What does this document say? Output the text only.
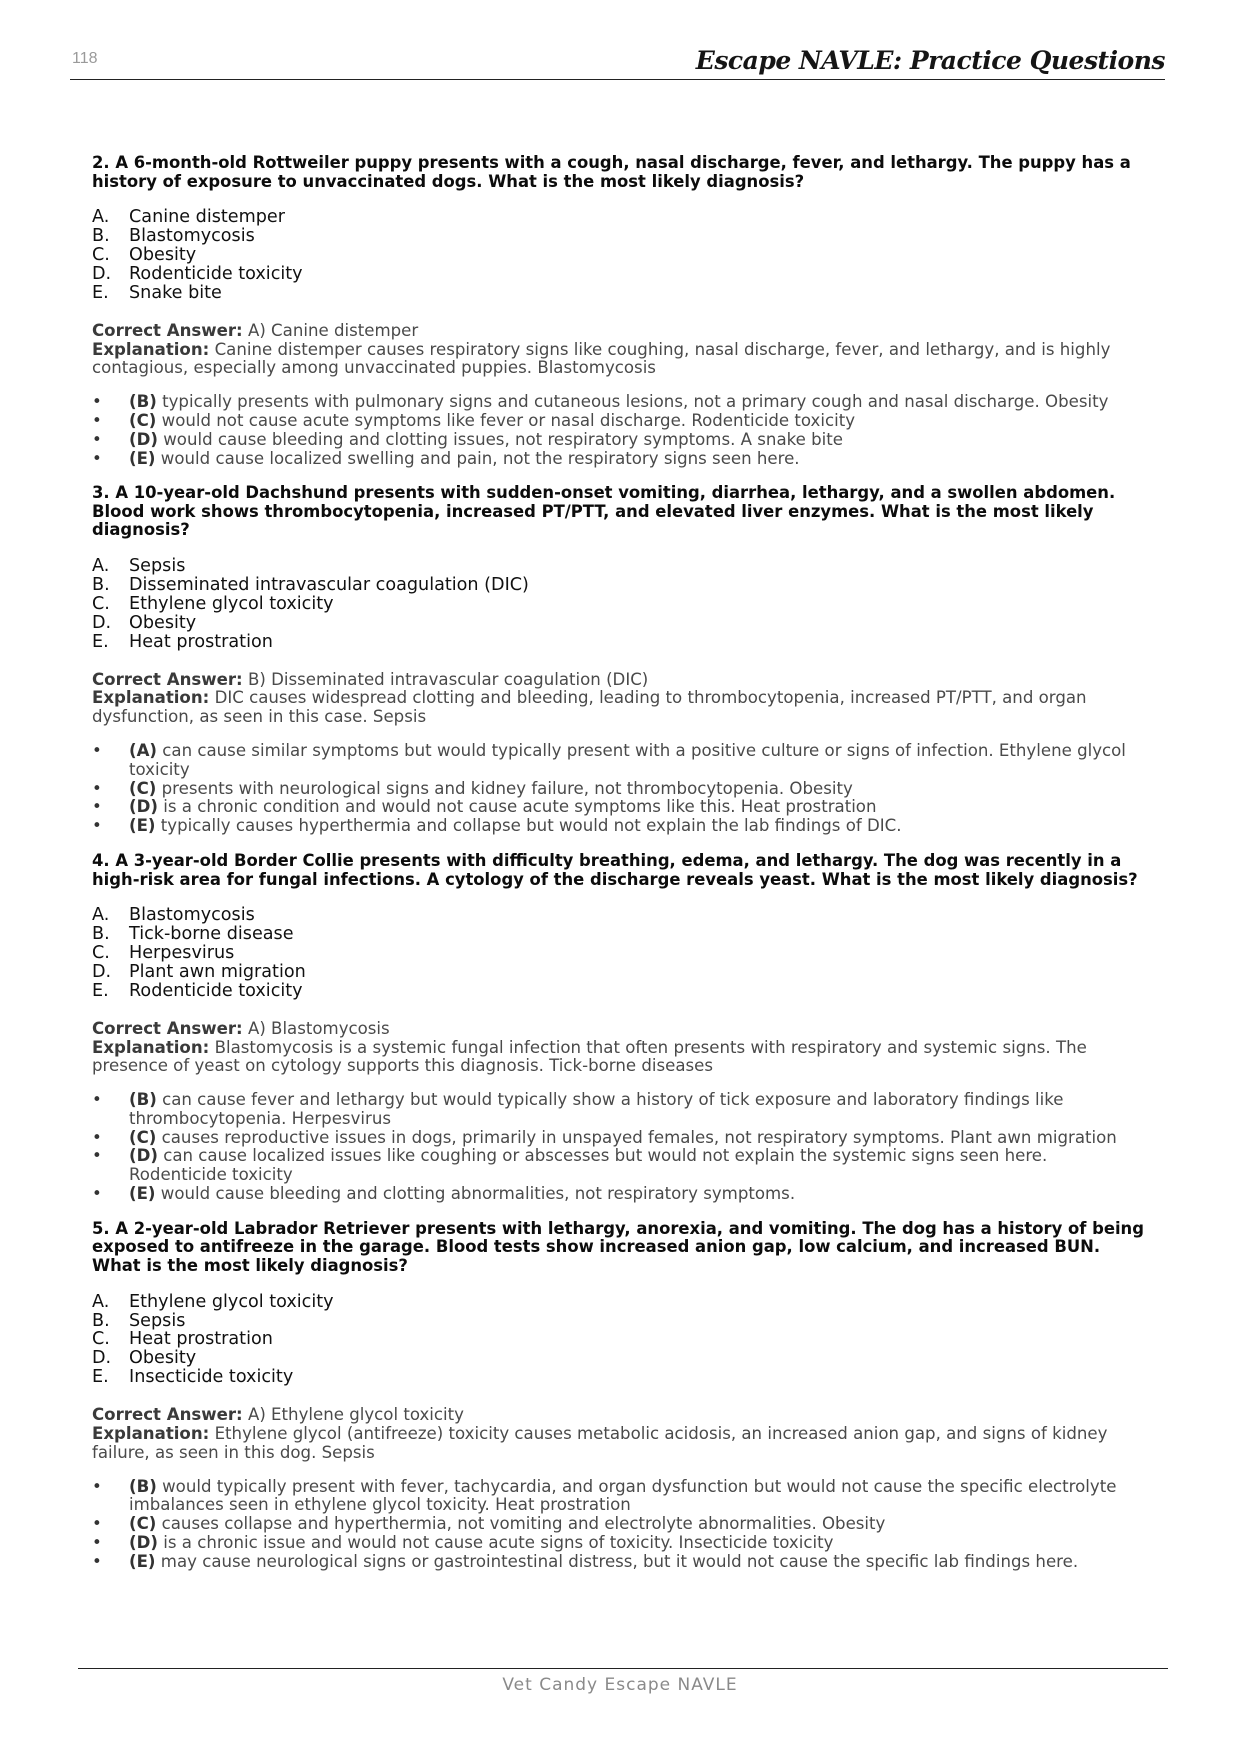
118	Escape NAVLE: Practice Questions

2. A 6-month-old Rottweiler puppy presents with a cough, nasal discharge, fever, and lethargy. The puppy has a history of exposure to unvaccinated dogs. What is the most likely diagnosis?

A.	Canine distemper
B.	Blastomycosis
C.	Obesity
D.	Rodenticide toxicity
E.	Snake bite

Correct Answer: A) Canine distemper

Explanation: Canine distemper causes respiratory signs like coughing, nasal discharge, fever, and lethargy, and is highly contagious, especially among unvaccinated puppies. Blastomycosis

•	(B) typically presents with pulmonary signs and cutaneous lesions, not a primary cough and nasal discharge. Obesity
•	(C) would not cause acute symptoms like fever or nasal discharge. Rodenticide toxicity
•	(D) would cause bleeding and clotting issues, not respiratory symptoms. A snake bite
•	(E) would cause localized swelling and pain, not the respiratory signs seen here.

3. A 10-year-old Dachshund presents with sudden-onset vomiting, diarrhea, lethargy, and a swollen abdomen. Blood work shows thrombocytopenia, increased PT/PTT, and elevated liver enzymes. What is the most likely diagnosis?

A.	Sepsis
B.	Disseminated intravascular coagulation (DIC)
C.	Ethylene glycol toxicity
D.	Obesity
E.	Heat prostration

Correct Answer: B) Disseminated intravascular coagulation (DIC)

Explanation: DIC causes widespread clotting and bleeding, leading to thrombocytopenia, increased PT/PTT, and organ dysfunction, as seen in this case. Sepsis

•	(A) can cause similar symptoms but would typically present with a positive culture or signs of infection. Ethylene glycol toxicity
•	(C) presents with neurological signs and kidney failure, not thrombocytopenia. Obesity
•	(D) is a chronic condition and would not cause acute symptoms like this. Heat prostration
•	(E) typically causes hyperthermia and collapse but would not explain the lab findings of DIC.

4. A 3-year-old Border Collie presents with difficulty breathing, edema, and lethargy. The dog was recently in a high-risk area for fungal infections. A cytology of the discharge reveals yeast. What is the most likely diagnosis?

A.	Blastomycosis
B.	Tick-borne disease
C.	Herpesvirus
D.	Plant awn migration
E.	Rodenticide toxicity

Correct Answer: A) Blastomycosis

Explanation: Blastomycosis is a systemic fungal infection that often presents with respiratory and systemic signs. The presence of yeast on cytology supports this diagnosis. Tick-borne diseases

•	(B) can cause fever and lethargy but would typically show a history of tick exposure and laboratory findings like thrombocytopenia. Herpesvirus
•	(C) causes reproductive issues in dogs, primarily in unspayed females, not respiratory symptoms. Plant awn migration
•	(D) can cause localized issues like coughing or abscesses but would not explain the systemic signs seen here. Rodenticide toxicity
•	(E) would cause bleeding and clotting abnormalities, not respiratory symptoms.

5. A 2-year-old Labrador Retriever presents with lethargy, anorexia, and vomiting. The dog has a history of being exposed to antifreeze in the garage. Blood tests show increased anion gap, low calcium, and increased BUN. What is the most likely diagnosis?

A.	Ethylene glycol toxicity
B.	Sepsis
C.	Heat prostration
D.	Obesity
E.	Insecticide toxicity

Correct Answer: A) Ethylene glycol toxicity

Explanation: Ethylene glycol (antifreeze) toxicity causes metabolic acidosis, an increased anion gap, and signs of kidney failure, as seen in this dog. Sepsis

•	(B) would typically present with fever, tachycardia, and organ dysfunction but would not cause the specific electrolyte imbalances seen in ethylene glycol toxicity. Heat prostration
•	(C) causes collapse and hyperthermia, not vomiting and electrolyte abnormalities. Obesity
•	(D) is a chronic issue and would not cause acute signs of toxicity. Insecticide toxicity
•	(E) may cause neurological signs or gastrointestinal distress, but it would not cause the specific lab findings here.
Vet Candy Escape NAVLE
